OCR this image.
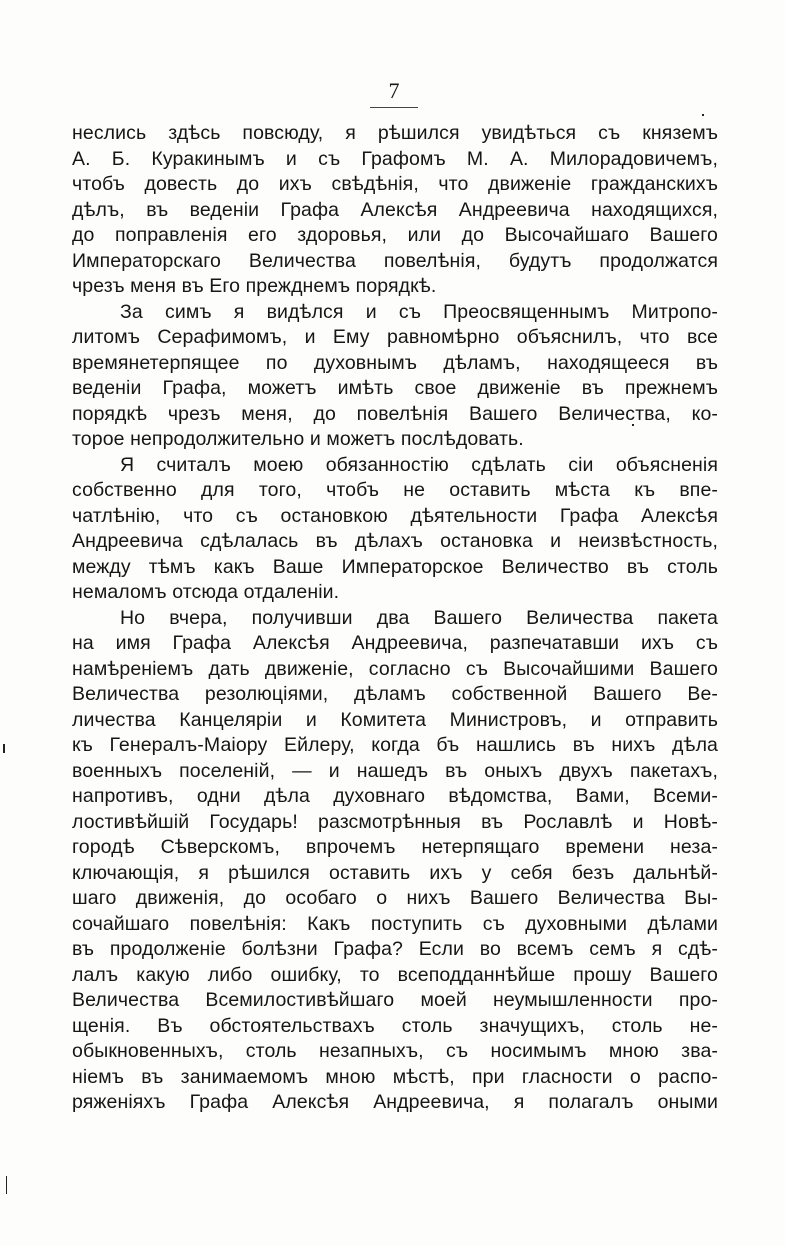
7
неслись здѣсь повсюду, я рѣшился увидѣться съ княземъ
А. Б. Куракинымъ и съ Графомъ М. А. Милорадовичемъ,
чтобъ довесть до ихъ свѣдѣнія, что движеніе гражданскихъ
дѣлъ, въ веденіи Графа Алексѣя Андреевича находящихся,
до поправленія его здоровья, или до Высочайшаго Вашего
Императорскаго Величества повелѣнія, будутъ продолжатся
чрезъ меня въ Его прежднемъ порядкѣ.
За симъ я видѣлся и съ Преосвященнымъ Митропо-
литомъ Серафимомъ, и Ему равномѣрно объяснилъ, что все
времянетерпящее по духовнымъ дѣламъ, находящееся въ
веденіи Графа, можетъ имѣть свое движеніе въ прежнемъ
порядкѣ чрезъ меня, до повелѣнія Вашего Величества, ко-
торое непродолжительно и можетъ послѣдовать.
Я считалъ моею обязанностію сдѣлать сіи объясненія
собственно для того, чтобъ не оставить мѣста къ впе-
чатлѣнію, что съ остановкою дѣятельности Графа Алексѣя
Андреевича сдѣлалась въ дѣлахъ остановка и неизвѣстность,
между тѣмъ какъ Ваше Императорское Величество въ столь
немаломъ отсюда отдаленіи.
Но вчера, получивши два Вашего Величества пакета
на имя Графа Алексѣя Андреевича, разпечатавши ихъ съ
намѣреніемъ дать движеніе, согласно съ Высочайшими Вашего
Величества резолюціями, дѣламъ собственной Вашего Ве-
личества Канцеляріи и Комитета Министровъ, и отправить
къ Генералъ-Маіору Ейлеру, когда бъ нашлись въ нихъ дѣла
военныхъ поселеній, — и нашедъ въ оныхъ двухъ пакетахъ,
напротивъ, одни дѣла духовнаго вѣдомства, Вами, Всеми-
лостивѣйшій Государь! разсмотрѣнныя въ Рославлѣ и Новѣ-
городѣ Сѣверскомъ, впрочемъ нетерпящаго времени неза-
ключающія, я рѣшился оставить ихъ у себя безъ дальнѣй-
шаго движенія, до особаго о нихъ Вашего Величества Вы-
сочайшаго повелѣнія: Какъ поступить съ духовными дѣлами
въ продолженіе болѣзни Графа? Если во всемъ семъ я сдѣ-
лалъ какую либо ошибку, то всеподданнѣйше прошу Вашего
Величества Всемилостивѣйшаго моей неумышленности про-
щенія. Въ обстоятельствахъ столь значущихъ, столь не-
обыкновенныхъ, столь незапныхъ, съ носимымъ мною зва-
ніемъ въ занимаемомъ мною мѣстѣ, при гласности о распо-
ряженіяхъ Графа Алексѣя Андреевича, я полагалъ оными
